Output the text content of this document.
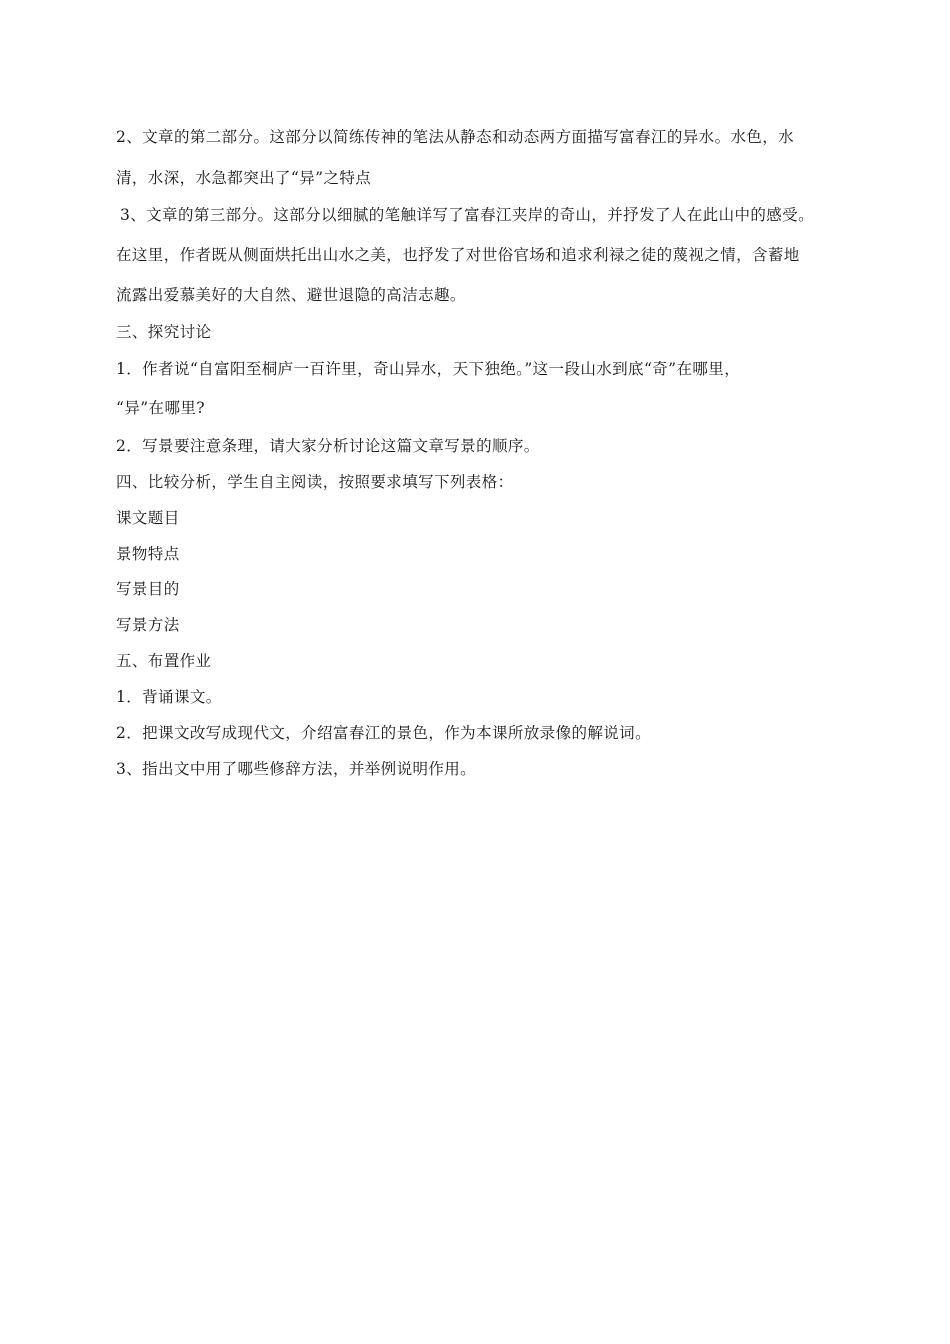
2、文章的第二部分。这部分以简练传神的笔法从静态和动态两方面描写富春江的异水。水色，水
清，水深，水急都突出了“异”之特点
3、文章的第三部分。这部分以细腻的笔触详写了富春江夹岸的奇山，并抒发了人在此山中的感受。
在这里，作者既从侧面烘托出山水之美，也抒发了对世俗官场和追求利禄之徒的蔑视之情，含蓄地
流露出爱慕美好的大自然、避世退隐的高洁志趣。
三、探究讨论
1．作者说“自富阳至桐庐一百许里，奇山异水，天下独绝。”这一段山水到底“奇”在哪里，
“异”在哪里?
2．写景要注意条理，请大家分析讨论这篇文章写景的顺序。
四、比较分析，学生自主阅读，按照要求填写下列表格：
课文题目
景物特点
写景目的
写景方法
五、布置作业
1．背诵课文。
2．把课文改写成现代文，介绍富春江的景色，作为本课所放录像的解说词。
3、指出文中用了哪些修辞方法，并举例说明作用。
